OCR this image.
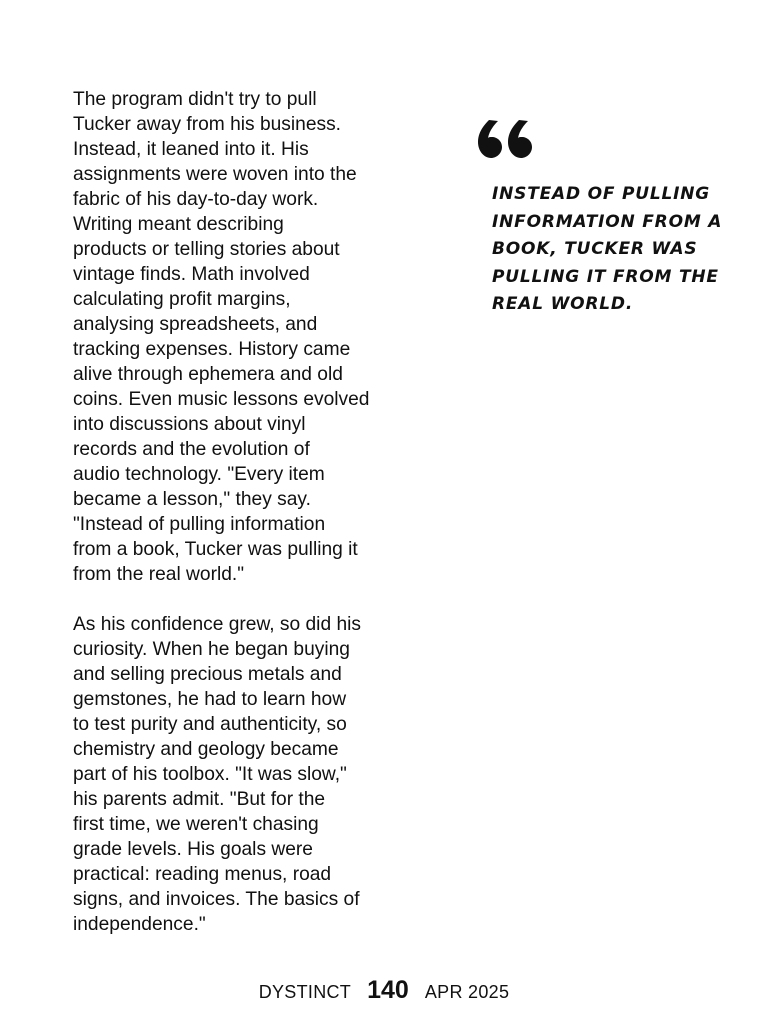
The program didn't try to pull
Tucker away from his business.
Instead, it leaned into it. His
assignments were woven into the
fabric of his day-to-day work.
Writing meant describing
products or telling stories about
vintage finds. Math involved
calculating profit margins,
analysing spreadsheets, and
tracking expenses. History came
alive through ephemera and old
coins. Even music lessons evolved
into discussions about vinyl
records and the evolution of
audio technology. "Every item
became a lesson," they say.
"Instead of pulling information
from a book, Tucker was pulling it
from the real world."

As his confidence grew, so did his
curiosity. When he began buying
and selling precious metals and
gemstones, he had to learn how
to test purity and authenticity, so
chemistry and geology became
part of his toolbox. "It was slow,"
his parents admit. "But for the
first time, we weren't chasing
grade levels. His goals were
practical: reading menus, road
signs, and invoices. The basics of
independence."

INSTEAD OF PULLING
INFORMATION FROM A
BOOK, TUCKER WAS
PULLING IT FROM THE
REAL WORLD.
DYSTINCT 140 APR 2025
